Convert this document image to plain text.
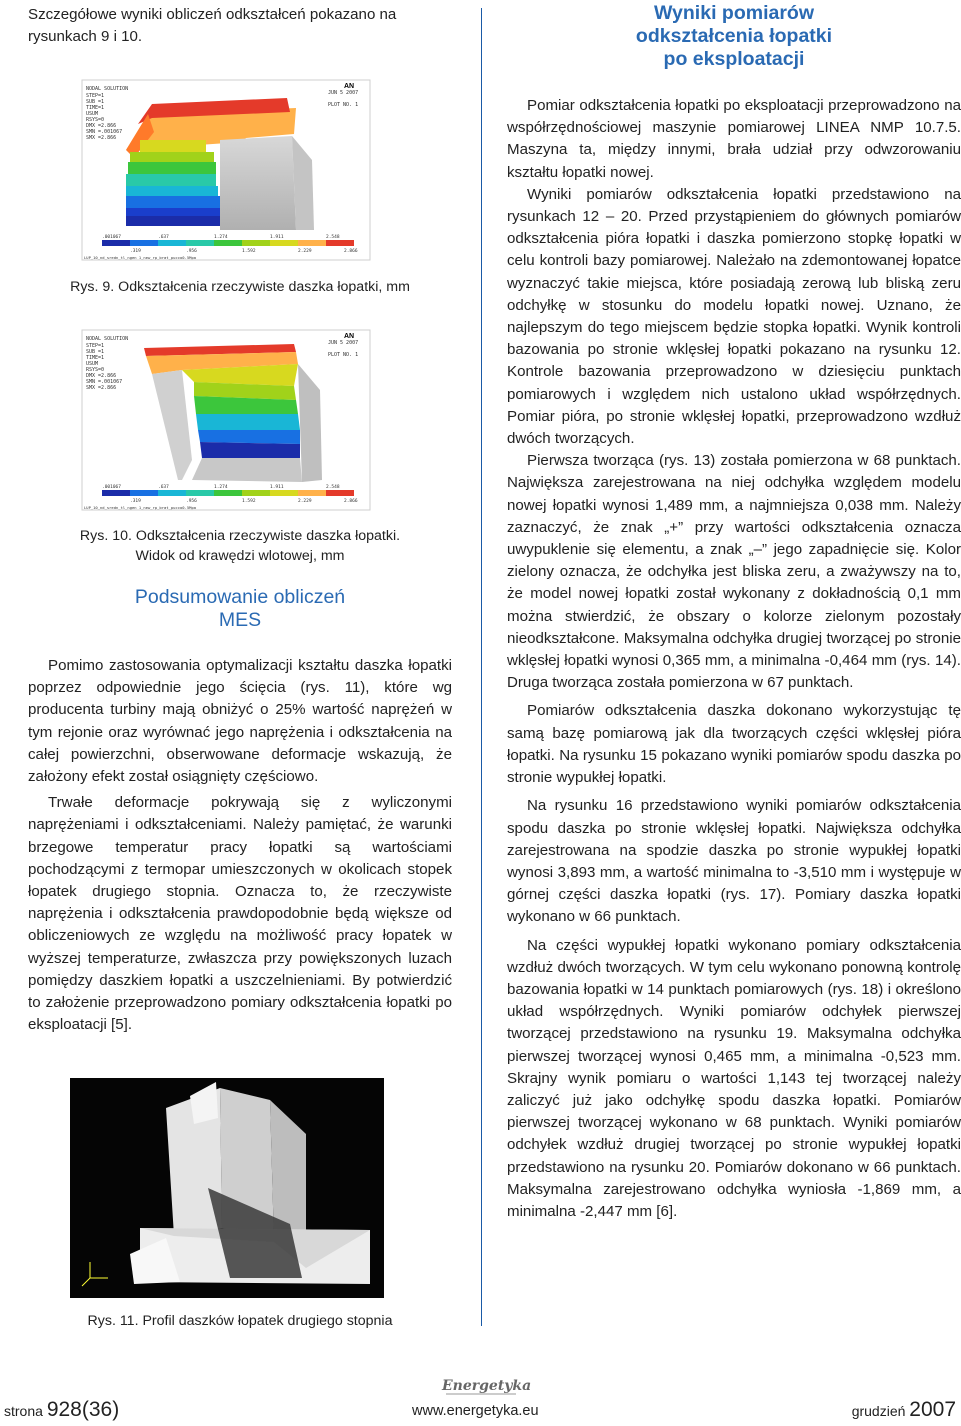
Szczegółowe wyniki obliczeń odkształceń pokazano na rysunkach 9 i 10.

NODAL SOLUTION
STEP=1
SUB =1
TIME=1
USUM
RSYS=0
DMX =2.866
SMN =.001067
SMX =2.866
JUN 5 2007
PLOT NO. 1
AN
.001067	.637	1.274	1.911	2.548
.319	.956	1.592	2.229	2.866
LUP_10_nd_sredn_tl_ngen 1_new_rp_brat_pucco0.5Mpa
Rys. 9. Odkształcenia rzeczywiste daszka łopatki, mm
NODAL SOLUTION
STEP=1
SUB =1
TIME=1
USUM
RSYS=0
DMX =2.866
SMN =.001067
SMX =2.866
JUN 5 2007
PLOT NO. 1
AN
.001067	.637	1.274	1.911	2.548
.319	.956	1.592	2.229	2.866
LUP_10_nd_sredn_tl_ngen 1_new_rp_brat_pucco0.5Mpa
Rys. 10. Odkształcenia rzeczywiste daszka łopatki.
Widok od krawędzi wlotowej, mm
Podsumowanie obliczeń
MES

Pomimo zastosowania optymalizacji kształtu daszka łopatki poprzez odpowiednie jego ścięcia (rys. 11), które wg producenta turbiny mają obniżyć o 25% wartość naprężeń w tym rejonie oraz wyrównać jego naprężenia i odkształcenia na całej powierzchni, obserwowane deformacje wskazują, że założony efekt został osiągnięty częściowo.

Trwałe deformacje pokrywają się z wyliczonymi naprężeniami i odkształceniami. Należy pamiętać, że warunki brzegowe temperatur pracy łopatki są wartościami pochodzącymi z termopar umieszczonych w okolicach stopek łopatek drugiego stopnia. Oznacza to, że rzeczywiste naprężenia i odkształcenia prawdopodobnie będą większe od obliczeniowych ze względu na możliwość pracy łopatek w wyższej temperaturze, zwłaszcza przy powiększonych luzach pomiędzy daszkiem łopatki a uszczelnieniami. By potwierdzić to założenie przeprowadzono pomiary odkształcenia łopatki po eksploatacji [5].

Rys. 11. Profil daszków łopatek drugiego stopnia
Wyniki pomiarów
odkształcenia łopatki
po eksploatacji

Pomiar odkształcenia łopatki po eksploatacji przeprowadzono na współrzędnościowej maszynie pomiarowej LINEA NMP 10.7.5. Maszyna ta, między innymi, brała udział przy odwzorowaniu kształtu łopatki nowej.

Wyniki pomiarów odkształcenia łopatki przedstawiono na rysunkach 12 – 20. Przed przystąpieniem do głównych pomiarów odkształcenia pióra łopatki i daszka pomierzono stopkę łopatki w celu kontroli bazy pomiarowej. Należało na zdemontowanej łopatce wyznaczyć takie miejsca, które posiadają zerową lub bliską zeru odchyłkę w stosunku do modelu łopatki nowej. Uznano, że najlepszym do tego miejscem będzie stopka łopatki. Wynik kontroli bazowania po stronie wklęsłej łopatki pokazano na rysunku 12. Kontrole bazowania przeprowadzono w dziesięciu punktach pomiarowych i względem nich ustalono układ współrzędnych. Pomiar pióra, po stronie wklęsłej łopatki, przeprowadzono wzdłuż dwóch tworzących.

Pierwsza tworząca (rys. 13) została pomierzona w 68 punktach. Największa zarejestrowana na niej odchyłka względem modelu nowej łopatki wynosi 1,489 mm, a najmniejsza 0,038 mm. Należy zaznaczyć, że znak „+” przy wartości odkształcenia oznacza uwypuklenie się elementu, a znak „–” jego zapadnięcie się. Kolor zielony oznacza, że odchyłka jest bliska zeru, a zważywszy na to, że model nowej łopatki został wykonany z dokładnością 0,1 mm można stwierdzić, że obszary o kolorze zielonym pozostały nieodkształcone. Maksymalna odchyłka drugiej tworzącej po stronie wklęsłej łopatki wynosi 0,365 mm, a minimalna -0,464 mm (rys. 14). Druga tworząca została pomierzona w 67 punktach.

Pomiarów odkształcenia daszka dokonano wykorzystując tę samą bazę pomiarową jak dla tworzących części wklęsłej pióra łopatki. Na rysunku 15 pokazano wyniki pomiarów spodu daszka po stronie wypukłej łopatki.

Na rysunku 16 przedstawiono wyniki pomiarów odkształcenia spodu daszka po stronie wklęsłej łopatki. Największa odchyłka zarejestrowana na spodzie daszka po stronie wypukłej łopatki wynosi 3,893 mm, a wartość minimalna to -3,510 mm i występuje w górnej części daszka łopatki (rys. 17). Pomiary daszka łopatki wykonano w 66 punktach.

Na części wypukłej łopatki wykonano pomiary odkształcenia wzdłuż dwóch tworzących. W tym celu wykonano ponowną kontrolę bazowania łopatki w 14 punktach pomiarowych (rys. 18) i określono układ współrzędnych. Wyniki pomiarów odchyłek pierwszej tworzącej przedstawiono na rysunku 19. Maksymalna odchyłka pierwszej tworzącej wynosi 0,465 mm, a minimalna -0,523 mm. Skrajny wynik pomiaru o wartości 1,143 tej tworzącej należy zaliczyć już jako odchyłkę spodu daszka łopatki. Pomiarów pierwszej tworzącej wykonano w 68 punktach. Wyniki pomiarów odchyłek wzdłuż drugiej tworzącej po stronie wypukłej łopatki przedstawiono na rysunku 20. Pomiarów dokonano w 66 punktach. Maksymalna zarejestrowano odchyłka wyniosła -1,869 mm, a minimalna -2,447 mm [6].

Energetyka
strona 928(36)	www.energetyka.eu	grudzień 2007
